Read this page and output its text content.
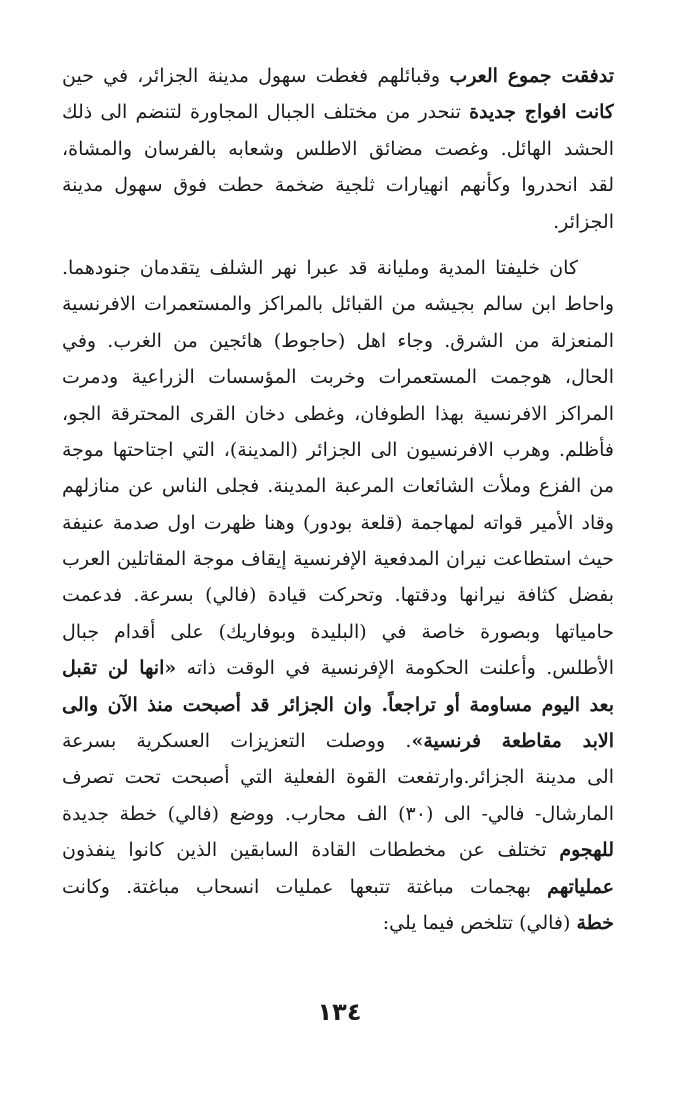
تدفقت جموع العرب وقبائلهم فغطت سهول مدينة الجزائر، في حين
كانت افواج جديدة تنحدر من مختلف الجبال المجاورة لتنضم الى ذلك
الحشد الهائل. وغصت مضائق الاطلس وشعابه بالفرسان والمشاة،
لقد انحدروا وكأنهم انهيارات ثلجية ضخمة حطت فوق سهول مدينة
الجزائر.
كان خليفتا المدية ومليانة قد عبرا نهر الشلف يتقدمان جنودهما.
واحاط ابن سالم بجيشه من القبائل بالمراكز والمستعمرات الافرنسية
المنعزلة من الشرق. وجاء اهل (حاجوط) هائجين من الغرب. وفي
الحال، هوجمت المستعمرات وخربت المؤسسات الزراعية ودمرت
المراكز الافرنسية بهذا الطوفان، وغطى دخان القرى المحترقة الجو،
فأظلم. وهرب الافرنسيون الى الجزائر (المدينة)، التي اجتاحتها موجة
من الفزع وملأت الشائعات المرعبة المدينة. فجلى الناس عن منازلهم
وقاد الأمير قواته لمهاجمة (قلعة بودور) وهنا ظهرت اول صدمة عنيفة
حيث استطاعت نيران المدفعية الإفرنسية إيقاف موجة المقاتلين العرب
بفضل كثافة نيرانها ودقتها. وتحركت قيادة (فالي) بسرعة. فدعمت
حامياتها وبصورة خاصة في (البليدة وبوفاريك) على أقدام جبال
الأطلس. وأعلنت الحكومة الإفرنسية في الوقت ذاته «انها لن تقبل
بعد اليوم مساومة أو تراجعاً. وان الجزائر قد أصبحت منذ الآن والى
الابد مقاطعة فرنسية». ووصلت التعزيزات العسكرية بسرعة
الى مدينة الجزائر.وارتفعت القوة الفعلية التي أصبحت تحت تصرف
المارشال- فالي- الى (٣٠) الف محارب. ووضع (فالي) خطة جديدة
للهجوم تختلف عن مخططات القادة السابقين الذين كانوا ينفذون
عملياتهم بهجمات مباغتة تتبعها عمليات انسحاب مباغتة. وكانت
خطة (فالي) تتلخص فيما يلي:
١٣٤
